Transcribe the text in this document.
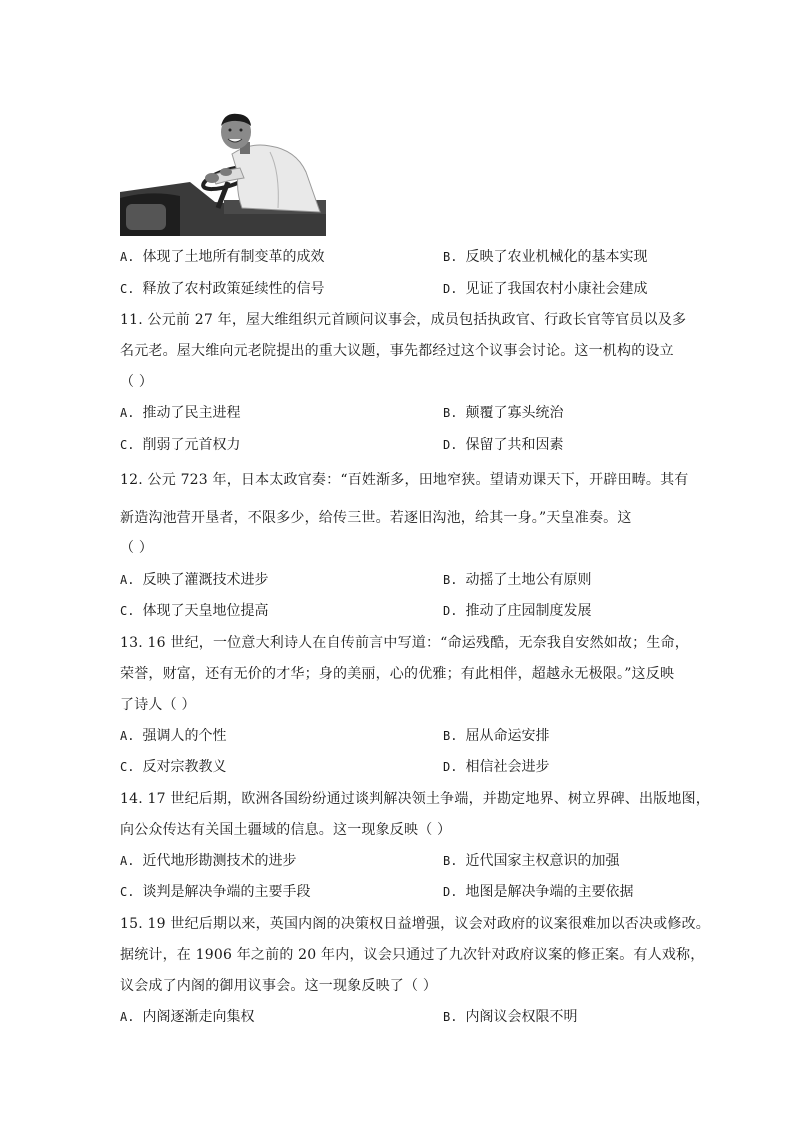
A. 体现了土地所有制变革的成效	B. 反映了农业机械化的基本实现
C. 释放了农村政策延续性的信号	D. 见证了我国农村小康社会建成
11. 公元前 27 年，屋大维组织元首顾问议事会，成员包括执政官、行政长官等官员以及多
名元老。屋大维向元老院提出的重大议题，事先都经过这个议事会讨论。这一机构的设立
（ ）
A. 推动了民主进程	B. 颠覆了寡头统治
C. 削弱了元首权力	D. 保留了共和因素
12. 公元 723 年，日本太政官奏：“百姓渐多，田地窄狭。望请劝课天下，开辟田畴。其有
新造沟池营开垦者，不限多少，给传三世。若逐旧沟池，给其一身。”天皇准奏。这
（ ）
A. 反映了灌溉技术进步	B. 动摇了土地公有原则
C. 体现了天皇地位提高	D. 推动了庄园制度发展
13. 16 世纪，一位意大利诗人在自传前言中写道：“命运残酷，无奈我自安然如故；生命，
荣誉，财富，还有无价的才华；身的美丽，心的优雅；有此相伴，超越永无极限。”这反映
了诗人（ ）
A. 强调人的个性	B. 屈从命运安排
C. 反对宗教教义	D. 相信社会进步
14. 17 世纪后期，欧洲各国纷纷通过谈判解决领土争端，并勘定地界、树立界碑、出版地图，
向公众传达有关国土疆域的信息。这一现象反映（ ）
A. 近代地形勘测技术的进步	B. 近代国家主权意识的加强
C. 谈判是解决争端的主要手段	D. 地图是解决争端的主要依据
15. 19 世纪后期以来，英国内阁的决策权日益增强，议会对政府的议案很难加以否决或修改。
据统计，在 1906 年之前的 20 年内，议会只通过了九次针对政府议案的修正案。有人戏称，
议会成了内阁的御用议事会。这一现象反映了（ ）
A. 内阁逐渐走向集权	B. 内阁议会权限不明
